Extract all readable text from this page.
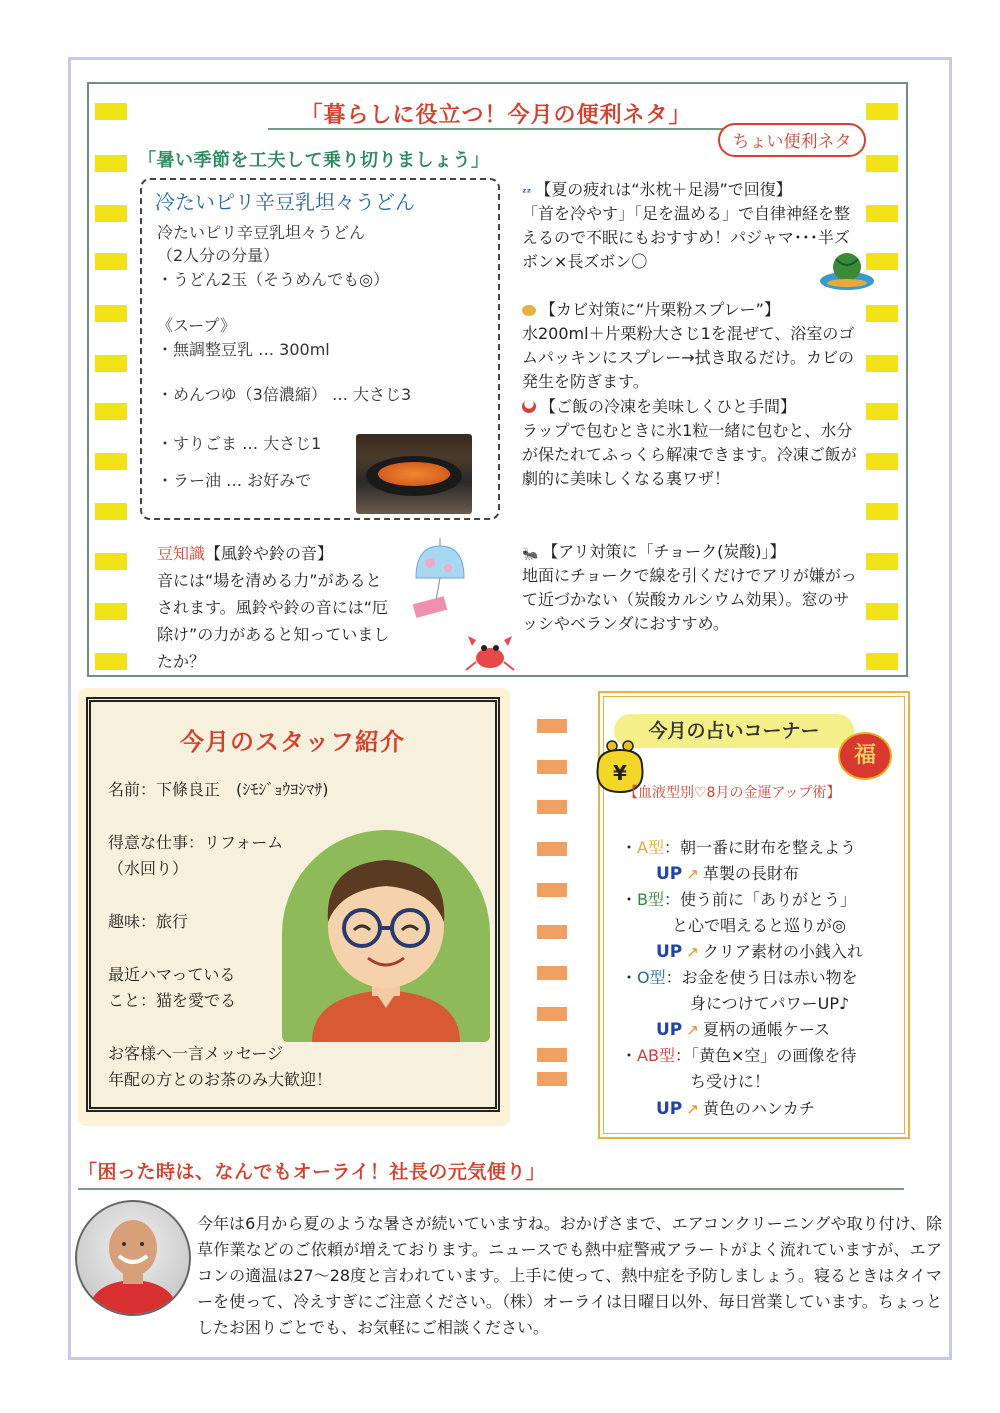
「暮らしに役立つ！今月の便利ネタ」
ちょい便利ネタ
「暑い季節を工夫して乗り切りましょう」
冷たいピリ辛豆乳坦々うどん
冷たいピリ辛豆乳坦々うどん
（2人分の分量）
・うどん2玉（そうめんでも◎）
《スープ》
・無調整豆乳 … 300ml
・めんつゆ（3倍濃縮） … 大さじ3
・すりごま … 大さじ1
・ラー油 … お好みで
ᶻᶻ 【夏の疲れは“氷枕＋足湯”で回復】
「首を冷やす」「足を温める」で自律神経を整えるので不眠にもおすすめ！パジャマ･･･半ズボン×長ズボン〇
【カビ対策に“片栗粉スプレー”】
水200ml＋片栗粉大さじ1を混ぜて、浴室のゴムパッキンにスプレー→拭き取るだけ。カビの発生を防ぎます。
【ご飯の冷凍を美味しくひと手間】
ラップで包むときに氷1粒一緒に包むと、水分が保たれてふっくら解凍できます。冷凍ご飯が劇的に美味しくなる裏ワザ！
🐜 【アリ対策に「チョーク(炭酸)」】
地面にチョークで線を引くだけでアリが嫌がって近づかない（炭酸カルシウム効果）。窓のサッシやベランダにおすすめ。
豆知識【風鈴や鈴の音】
音には“場を清める力”があるとされます。風鈴や鈴の音には“厄除け”の力があると知っていましたか？
今月のスタッフ紹介
名前：下條良正　(ｼﾓｼﾞｮｳﾖｼﾏｻ)
得意な仕事：リフォーム
（水回り）
趣味：旅行
最近ハマっている
こと：猫を愛でる
お客様へ一言メッセージ
年配の方とのお茶のみ大歓迎！
今月の占いコーナー
¥
福
【血液型別♡8月の金運アップ術】
・A型：朝一番に財布を整えよう
UP ↗ 革製の長財布
・B型：使う前に「ありがとう」
と心で唱えると巡りが◎
UP ↗ クリア素材の小銭入れ
・O型：お金を使う日は赤い物を
身につけてパワーUP♪
UP ↗ 夏柄の通帳ケース
・AB型：「黄色×空」の画像を待
ち受けに！
UP ↗ 黄色のハンカチ
「困った時は、なんでもオーライ！社長の元気便り」
今年は6月から夏のような暑さが続いていますね。おかげさまで、エアコンクリーニングや取り付け、除草作業などのご依頼が増えております。ニュースでも熱中症警戒アラートがよく流れていますが、エアコンの適温は27～28度と言われています。上手に使って、熱中症を予防しましょう。寝るときはタイマーを使って、冷えすぎにご注意ください。（株）オーライは日曜日以外、毎日営業しています。ちょっとしたお困りごとでも、お気軽にご相談ください。
